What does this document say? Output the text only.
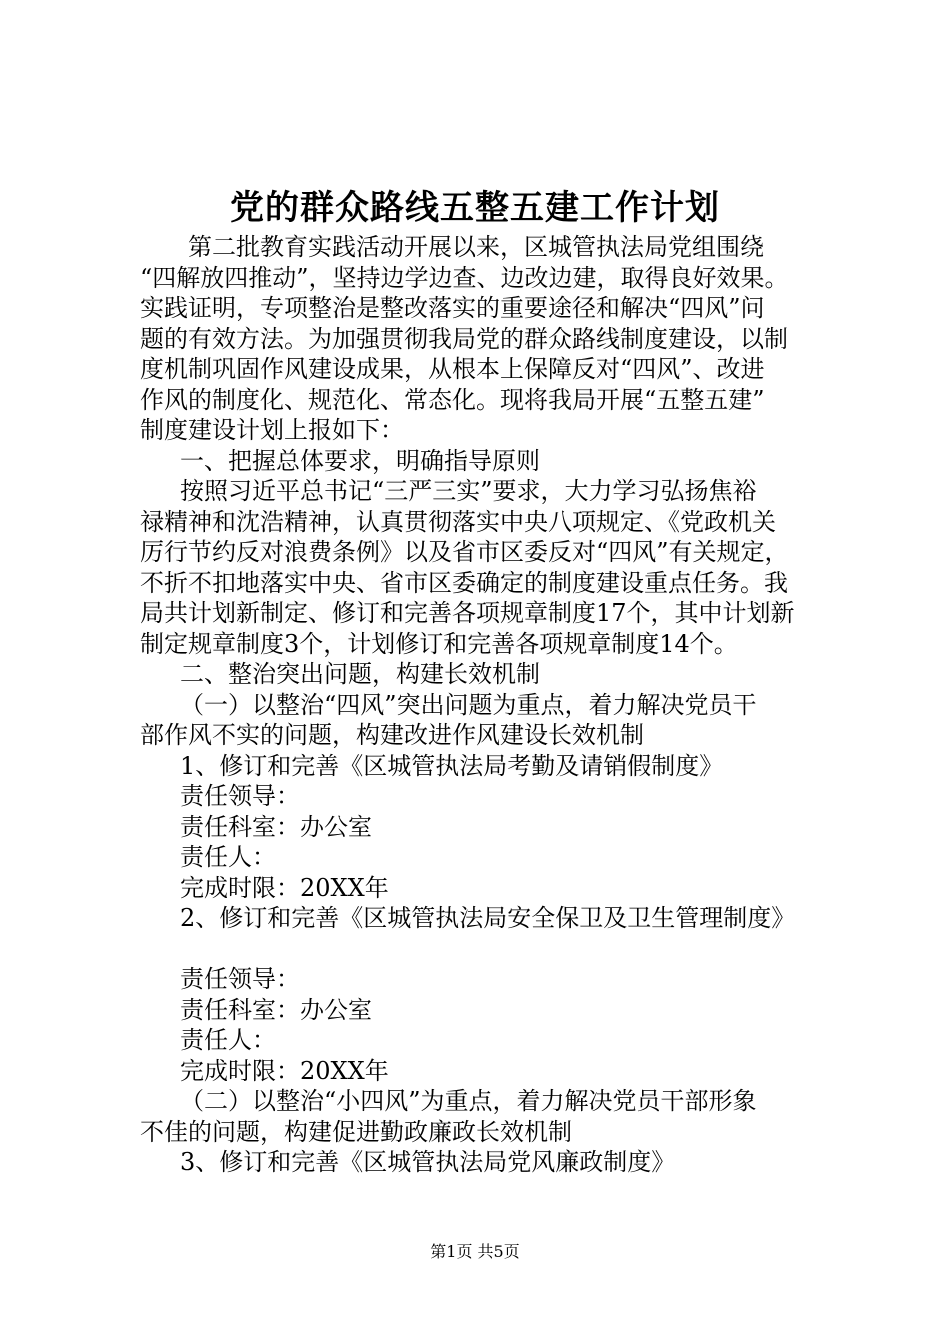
党的群众路线五整五建工作计划
第二批教育实践活动开展以来，区城管执法局党组围绕
“四解放四推动”，坚持边学边查、边改边建，取得良好效果。
实践证明，专项整治是整改落实的重要途径和解决“四风”问
题的有效方法。为加强贯彻我局党的群众路线制度建设，以制
度机制巩固作风建设成果，从根本上保障反对“四风”、改进
作风的制度化、规范化、常态化。现将我局开展“五整五建”
制度建设计划上报如下：
一、把握总体要求，明确指导原则
按照习近平总书记“三严三实”要求，大力学习弘扬焦裕
禄精神和沈浩精神，认真贯彻落实中央八项规定、《党政机关
厉行节约反对浪费条例》以及省市区委反对“四风”有关规定，
不折不扣地落实中央、省市区委确定的制度建设重点任务。我
局共计划新制定、修订和完善各项规章制度17个，其中计划新
制定规章制度3个，计划修订和完善各项规章制度14个。
二、整治突出问题，构建长效机制
（一）以整治“四风”突出问题为重点，着力解决党员干
部作风不实的问题，构建改进作风建设长效机制
1、修订和完善《区城管执法局考勤及请销假制度》
责任领导：
责任科室：办公室
责任人：
完成时限：20XX年
2、修订和完善《区城管执法局安全保卫及卫生管理制度》
责任领导：
责任科室：办公室
责任人：
完成时限：20XX年
（二）以整治“小四风”为重点，着力解决党员干部形象
不佳的问题，构建促进勤政廉政长效机制
3、修订和完善《区城管执法局党风廉政制度》
第1页 共5页
